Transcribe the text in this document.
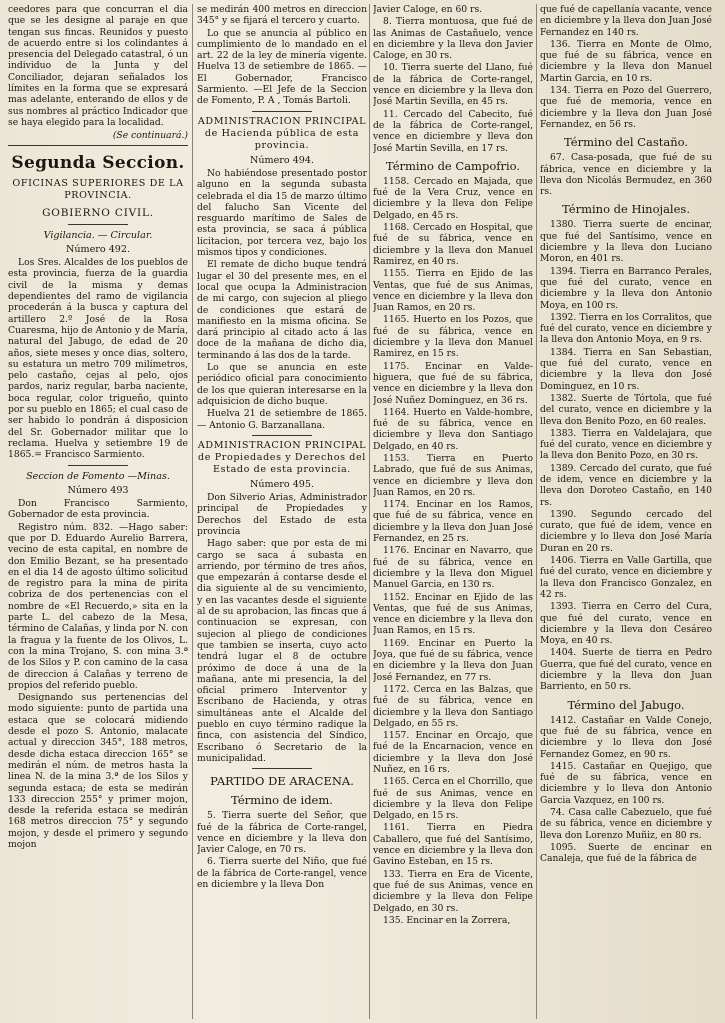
ceedores para que concurran el dia que se les designe al paraje en que tengan sus fincas. Reunidos y puesto de acuerdo entre si los colindantes á presencia del Delegado catastral, ó un individuo de la Junta y del Conciliador, dejaran señalados los límites en la forma que se expresará mas adelante, enterando de ellos y de sus nombres al práctico Indicador que se haya elegido para la localidad.

(Se continuará.)

Segunda Seccion.
OFICINAS SUPERIORES DE LA PROVINCIA.
GOBIERNO CIVIL.
Vigilancia. — Circular.
Número 492.

Los Sres. Alcaldes de los pueblos de esta provincia, fuerza de la guardia civil de la misma y demas dependientes del ramo de vigilancia procederán á la busca y captura del artillero 2.º José de la Rosa Cuaresma, hijo de Antonio y de María, natural del Jabugo, de edad de 20 años, siete meses y once dias, soltero, su estatura un metro 709 milímetros, pelo castaño, cejas al pelo, ojos pardos, nariz regular, barba naciente, boca regular, color trigueño, quinto por su pueblo en 1865; el cual caso de ser habido lo pondrán á disposicion del Sr. Gobernador militar que lo reclama. Huelva y setiembre 19 de 1865.= Francisco Sarmiento.

Seccion de Fomento —Minas.
Número 493

Don Francisco Sarmiento, Gobernador de esta provincia.

Registro núm. 832. —Hago saber: que por D. Eduardo Aurelio Barrera, vecino de esta capital, en nombre de don Emilio Bezant, se ha presentado en el dia 14 de agosto último solicitud de registro para la mina de pirita cobriza de dos pertenencias con el nombre de «El Recuerdo,» sita en la parte L. del cabezo de la Mesa, término de Calañas, y linda por N. con la fragua y la fuente de los Olivos, L. con la mina Trojano, S. con mina 3.ª de los Silos y P. con camino de la casa de direccion á Calañas y terreno de propios del referido pueblo.

Designando sus pertenencias del modo siguiente: punto de partida una estaca que se colocará midiendo desde el pozo S. Antonio, malacate actual y direccion 345°, 188 metros, desde dicha estaca direccion 165° se medirán el núm. de metros hasta la linea N. de la mina 3.ª de los Silos y segunda estaca; de esta se medirán 133 direccion 255° y primer mojon, desde la referida estaca se medirán 168 metros direccion 75° y segundo mojon, y desde el primero y segundo mojon

se medirán 400 metros en direccion 345° y se fijará el tercero y cuarto.

Lo que se anuncia al público en cumplimiento de lo mandado en el art. 22 de la ley de minería vigente. Huelva 13 de setiembre de 1865. —El Gobernador, Francisco Sarmiento. —El Jefe de la Seccion de Fomento, P. A , Tomás Bartoli.

ADMINISTRACION PRINCIPAL de Hacienda pública de esta provincia.
Número 494.

No habiéndose presentado postor alguno en la segunda subasta celebrada el dia 15 de marzo último del falucho San Vicente del resguardo marítimo de Sales de esta provincia, se saca á pública licitacion, por tercera vez, bajo los mismos tipos y condiciones.

El remate de dicho buque tendrá lugar el 30 del presente mes, en el local que ocupa la Administracion de mi cargo, con sujecion al pliego de condiciones que estará de manifiesto en la misma oficina. Se dará principio al citado acto á las doce de la mañana de dicho dia, terminando á las dos de la tarde.

Lo que se anuncia en este periódico oficial para conocimiento de los que quieran interesarse en la adquisicion de dicho buque.

Huelva 21 de setiembre de 1865. — Antonio G. Barzanallana.

ADMINISTRACION PRINCIPAL de Propiedades y Derechos del Estado de esta provincia.
Número 495.

Don Silverio Arias, Administrador principal de Propiedades y Derechos del Estado de esta provincia

Hago saber: que por esta de mi cargo se saca á subasta en arriendo, por término de tres años, que empezarán á contarse desde el dia siguiente al de su vencimiento, y en las vacantes desde el siguiente al de su aprobacion, las fincas que á continuacion se expresan, con sujecion al pliego de condiciones que tambien se inserta, cuyo acto tendrá lugar el 8 de octubre próximo de doce á una de la mañana, ante mi presencia, la del oficial primero Interventor y Escribano de Hacienda, y otras simultáneas ante el Alcalde del pueblo en cuyo término radique la finca, con asistencia del Síndico, Escribano ó Secretario de la municipalidad.

PARTIDO DE ARACENA.
Término de idem.

5. Tierra suerte del Señor, que fué de la fábrica de Corte-rangel, vence en diciembre y la lleva don Javier Caloge, en 70 rs.

6. Tierra suerte del Niño, que fué de la fábrica de Corte-rangel, vence en diciembre y la lleva Don

Javier Caloge, en 60 rs.

8. Tierra montuosa, que fué de las Animas de Castañuelo, vence en diciembre y la lleva don Javier Caloge, en 30 rs.

10. Tierra suerte del Llano, fué de la fábrica de Corte-rangel, vence en diciembre y la lleva don José Martin Sevilla, en 45 rs.

11. Cercado del Cabecito, fué de la fábrica de Corte-rangel, vence en diciembre y lleva don José Martin Sevilla, en 17 rs.

Término de Campofrio.

1158. Cercado en Majada, que fué de la Vera Cruz, vence en diciembre y la lleva don Felipe Delgado, en 45 rs.

1168. Cercado en Hospital, que fué de su fábrica, vence en diciembre y la lleva don Manuel Ramirez, en 40 rs.

1155. Tierra en Ejido de las Ventas, que fué de sus Animas, vence en diciembre y la lleva don Juan Ramos, en 20 rs.

1165. Huerto en los Pozos, que fué de su fábrica, vence en diciembre y la lleva don Manuel Ramirez, en 15 rs.

1175. Encinar en Valde-higuera, que fué de su fábrica, vence en diciembre y la lleva don José Nuñez Dominguez, en 36 rs.

1164. Huerto en Valde-hombre, fué de su fábrica, vence en diciembre y lleva don Santiago Delgado, en 40 rs.

1153. Tierra en Puerto Labrado, que fué de sus Animas, vence en diciembre y lleva don Juan Ramos, en 20 rs.

1174. Encinar en los Ramos, que fué de su fábrica, vence en diciembre y la lleva don Juan José Fernandez, en 25 rs.

1176. Encinar en Navarro, que fué de su fábrica, vence en diciembre y la lleva don Miguel Manuel Garcia, en 130 rs.

1152. Encinar en Ejido de las Ventas, que fué de sus Animas, vence en diciembre y la lleva don Juan Ramos, en 15 rs.

1169. Encinar en Puerto la Joya, que fué de su fábrica, vence en diciembre y la lleva don Juan José Fernandez, en 77 rs.

1172. Cerca en las Balzas, que fué de su fábrica, vence en diciembre y la lleva don Santiago Delgado, en 55 rs.

1157. Encinar en Orcajo, que fué de la Encarnacion, vence en diciembre y la lleva don José Nuñez, en 16 rs.

1165. Cerca en el Chorrillo, que fué de sus Animas, vence en diciembre y la lleva don Felipe Delgado, en 15 rs.

1161. Tierra en Piedra Caballero, que fué del Santísimo, vence en diciembre y la lleva don Gavino Esteban, en 15 rs.

133. Tierra en Era de Vicente, que fué de sus Animas, vence en diciembre y la lleva don Felipe Delgado, en 30 rs.

135. Encinar en la Zorrera,

que fué de capellanía vacante, vence en diciembre y la lleva don Juan José Fernandez en 140 rs.

136. Tierra en Monte de Olmo, que fué de su fábrica, vence en diciembre y la lleva don Manuel Martin Garcia, en 10 rs.

134. Tierra en Pozo del Guerrero, que fué de memoria, vence en diciembre y la lleva don Juan José Fernandez, en 56 rs.

Término del Castaño.

67. Casa-posada, que fué de su fábrica, vence en diciembre y la lleva don Nicolás Bermudez, en 360 rs.

Término de Hinojales.

1380. Tierra suerte de encinar, que fué del Santísimo, vence en diciembre y la lleva don Luciano Moron, en 401 rs.

1394. Tierra en Barranco Perales, que fué del curato, vence en diciembre y la lleva don Antonio Moya, en 100 rs.

1392. Tierra en los Corralitos, que fué del curato, vence en diciembre y la lleva don Antonio Moya, en 9 rs.

1384. Tierra en San Sebastian, que fué del curato, vence en diciembre y la lleva don José Dominguez, en 10 rs.

1382. Suerte de Tórtola, que fué del curato, vence en diciembre y la lleva don Benito Pozo, en 60 reales.

1383. Tierra en Valdelajara, que fué del curato, vence en diciembre y la lleva don Benito Pozo, en 30 rs.

1389. Cercado del curato, que fué de idem, vence en diciembre y la lleva don Doroteo Castaño, en 140 rs.

1390. Segundo cercado del curato, que fué de idem, vence en diciembre y lo lleva don José María Duran en 20 rs.

1406. Tierra en Valle Gartilla, que fué del curato, vence en diciembre y la lleva don Francisco Gonzalez, en 42 rs.

1393. Tierra en Cerro del Cura, que fué del curato, vence en diciembre y la lleva don Cesáreo Moya, en 40 rs.

1404. Suerte de tierra en Pedro Guerra, que fué del curato, vence en diciembre y la lleva don Juan Barriento, en 50 rs.

Término del Jabugo.

1412. Castañar en Valde Conejo, que fué de su fábrica, vence en diciembre y lo lleva don José Fernandez Gomez, en 90 rs.

1415. Castañar en Quejigo, que fué de su fábrica, vence en diciembre y lo lleva don Antonio Garcia Vazquez, en 100 rs.

74. Casa calle Cabezuelo, que fué de su fábrica, vence en diciembre y lleva don Lorenzo Muñiz, en 80 rs.

1095. Suerte de encinar en Canaleja, que fué de la fábrica de
